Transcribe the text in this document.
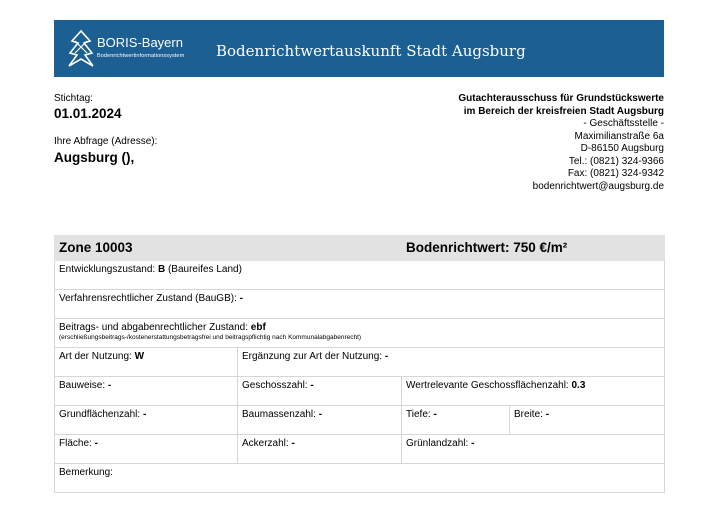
BORIS-Bayern
Bodenrichtwertinformationssystem Bodenrichtwertauskunft Stadt Augsburg
Stichtag:
01.01.2024
Ihre Abfrage (Adresse):
Augsburg (),
Gutachterausschuss für Grundstückswerte
im Bereich der kreisfreien Stadt Augsburg
- Geschäftsstelle -
Maximilianstraße 6a
D-86150 Augsburg
Tel.: (0821) 324-9366
Fax: (0821) 324-9342
bodenrichtwert@augsburg.de
Zone 10003		Bodenrichtwert: 750 €/m²	
Entwicklungszustand: B (Baureifes Land)			
Verfahrensrechtlicher Zustand (BauGB): -			
Beitrags- und abgabenrechtlicher Zustand: ebf
(erschließungsbeitrags-/kostenerstattungsbetragsfrei und beitragspflichtig nach Kommunalabgabenrecht)			

Art der Nutzung: W	Ergänzung zur Art der Nutzung: -		
Bauweise: -	Geschosszahl: -	Wertrelevante Geschossflächenzahl: 0.3	
Grundflächenzahl: -	Baumassenzahl: -	Tiefe: -	Breite: -
Fläche: -	Ackerzahl: -	Grünlandzahl: -	
Bemerkung:			
